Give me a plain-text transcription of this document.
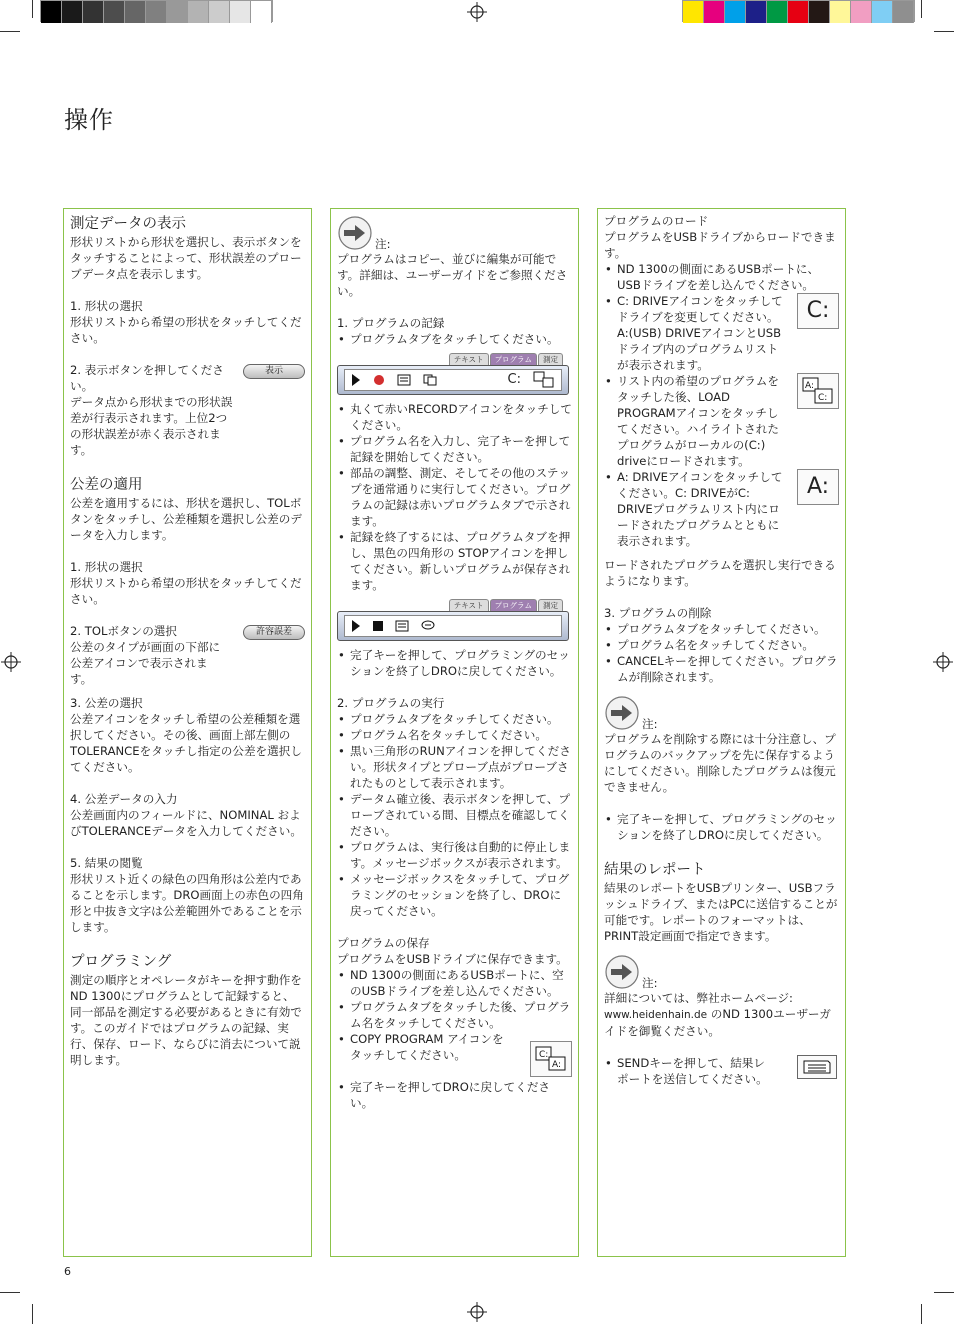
操作
測定データの表示

形状リストから形状を選択し、表示ボタンをタッチすることによって、形状誤差のプローブデータ点を表示します。

1. 形状の選択

形状リストから希望の形状をタッチしてください。

表示

2. 表示ボタンを押してください。

データ点から形状までの形状誤差が行表示されます。上位2つの形状誤差が赤く表示されます。

公差の適用

公差を適用するには、形状を選択し、TOLボタンをタッチし、公差種類を選択し公差のデータを入力します。

1. 形状の選択

形状リストから希望の形状をタッチしてください。

許容誤差

2. TOLボタンの選択

公差のタイプが画面の下部に公差アイコンで表示されます。

3. 公差の選択

公差アイコンをタッチし希望の公差種類を選択してください。その後、画面上部左側のTOLERANCEをタッチし指定の公差を選択してください。

4. 公差データの入力

公差画面内のフィールドに、NOMINAL およびTOLERANCEデータを入力してください。

5. 結果の閲覧

形状リスト近くの緑色の四角形は公差内であることを示します。DRO画面上の赤色の四角形と中抜き文字は公差範囲外であることを示します。

プログラミング

測定の順序とオペレータがキーを押す動作をND 1300にプログラムとして記録すると、同一部品を測定する必要があるときに有効です。このガイドではプログラムの記録、実行、保存、ロード、ならびに消去について説明します。

注:

プログラムはコピー、並びに編集が可能です。詳細は、ユーザーガイドをご参照ください。

1. プログラムの記録

• プログラムタブをタッチしてください。
テキスト	プログラム	測定
C:
• 丸くて赤いRECORDアイコンをタッチしてください。
• プログラム名を入力し、完了キーを押して記録を開始してください。
• 部品の調整、測定、そしてその他のステップを通常通りに実行してください。プログラムの記録は赤いプログラムタブで示されます。
• 記録を終了するには、プログラムタブを押し、黒色の四角形の STOPアイコンを押してください。新しいプログラムが保存されます。
テキスト	プログラム	測定
• 完了キーを押して、プログラミングのセッションを終了しDROに戻してください。

2. プログラムの実行

• プログラムタブをタッチしてください。
• プログラム名をタッチしてください。
• 黒い三角形のRUNアイコンを押してください。形状タイプとプローブ点がプローブされたものとして表示されます。
• データム確立後、表示ボタンを押して、プローブされている間、目標点を確認してください。
• プログラムは、実行後は自動的に停止します。メッセージボックスが表示されます。
• メッセージボックスをタッチして、プログラミングのセッションを終了し、DROに戻ってください。

プログラムの保存

プログラムをUSBドライブに保存できます。

• ND 1300の側面にあるUSBポートに、空のUSBドライブを差し込んでください。
• プログラムタブをタッチした後、プログラム名をタッチしてください。
• COPY PROGRAM アイコンをタッチしてください。	C:
A:
• 完了キーを押してDROに戻してください。

プログラムのロード

プログラムをUSBドライブからロードできます。

• ND 1300の側面にあるUSBポートに、USBドライブを差し込んでください。
• C: DRIVEアイコンをタッチしてドライブを変更してください。A:(USB) DRIVEアイコンとUSBドライブ内のプログラムリストが表示されます。
C:
• リスト内の希望のプログラムをタッチした後、LOAD PROGRAMアイコンをタッチしてください。ハイライトされたプログラムがローカルの(C:) driveにロードされます。
A:
C:
• A: DRIVEアイコンをタッチしてください。C: DRIVEがC: DRIVEプログラムリスト内にロードされたプログラムとともに表示されます。
A:

ロードされたプログラムを選択し実行できるようになります。

3. プログラムの削除

• プログラムタブをタッチしてください。
• プログラム名をタッチしてください。
• CANCELキーを押してください。プログラムが削除されます。
注:

プログラムを削除する際には十分注意し、プログラムのバックアップを先に保存するようにしてください。削除したプログラムは復元できません。

• 完了キーを押して、プログラミングのセッションを終了しDROに戻してください。
結果のレポート

結果のレポートをUSBプリンター、USBフラッシュドライブ、またはPCに送信することが可能です。レポートのフォーマットは、PRINT設定画面で指定できます。

注:

詳細については、弊社ホームページ:
www.heidenhain.de のND 1300ユーザーガイドを御覧ください。

• SENDキーを押して、結果レポートを送信してください。
6
